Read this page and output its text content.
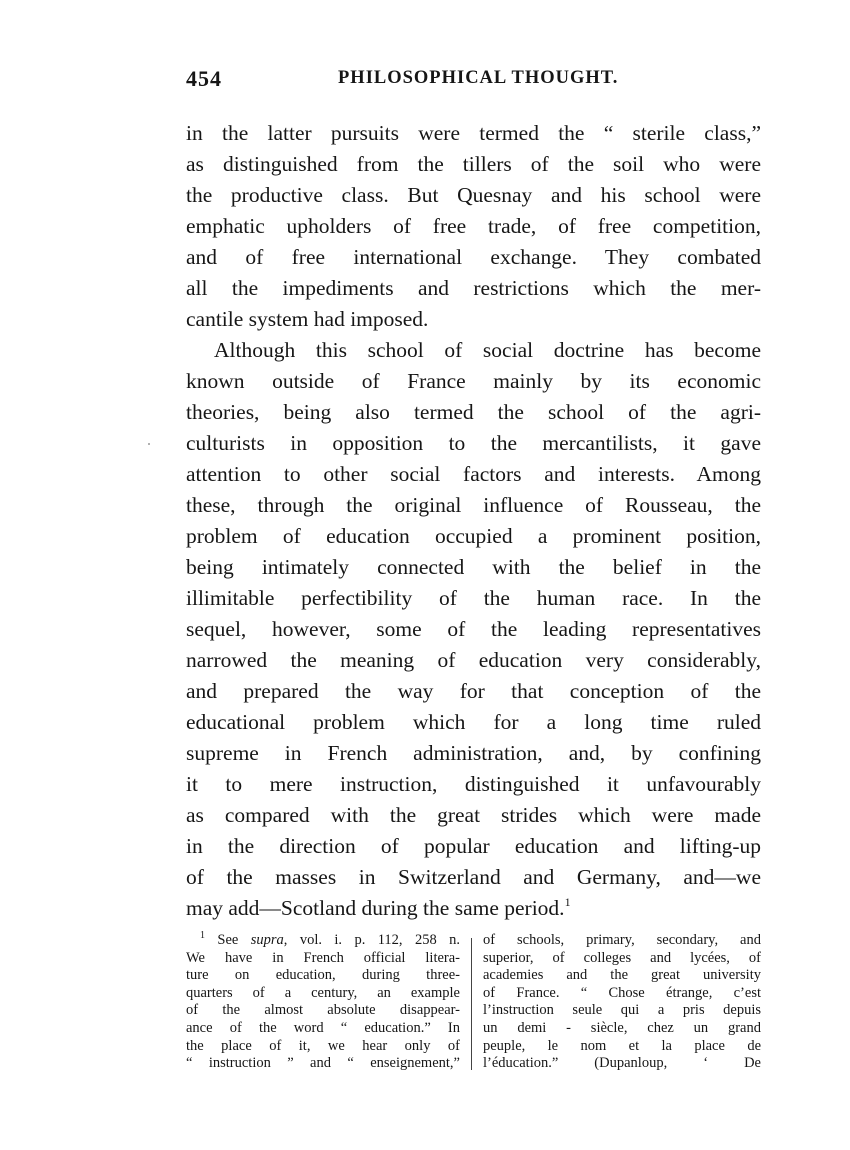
454	PHILOSOPHICAL THOUGHT.
in the latter pursuits were termed the “ sterile class,”
as distinguished from the tillers of the soil who were
the productive class. But Quesnay and his school were
emphatic upholders of free trade, of free competition,
and of free international exchange. They combated
all the impediments and restrictions which the mer-
cantile system had imposed.
Although this school of social doctrine has become
known outside of France mainly by its economic
theories, being also termed the school of the agri-
culturists in opposition to the mercantilists, it gave
attention to other social factors and interests. Among
these, through the original influence of Rousseau, the
problem of education occupied a prominent position,
being intimately connected with the belief in the
illimitable perfectibility of the human race. In the
sequel, however, some of the leading representatives
narrowed the meaning of education very considerably,
and prepared the way for that conception of the
educational problem which for a long time ruled
supreme in French administration, and, by confining
it to mere instruction, distinguished it unfavourably
as compared with the great strides which were made
in the direction of popular education and lifting-up
of the masses in Switzerland and Germany, and—we
may add—Scotland during the same period.$^1$
$^1$ See supra, vol. i. p. 112, 258 n.
We have in French official litera-
ture on education, during three-
quarters of a century, an example
of the almost absolute disappear-
ance of the word “ education.” In
the place of it, we hear only of
“ instruction ” and “ enseignement,”
of schools, primary, secondary, and
superior, of colleges and lycées, of
academies and the great university
of France. “ Chose étrange, c’est
l’instruction seule qui a pris depuis
un demi - siècle, chez un grand
peuple, le nom et la place de
l’éducation.” (Dupanloup, ‘ De
